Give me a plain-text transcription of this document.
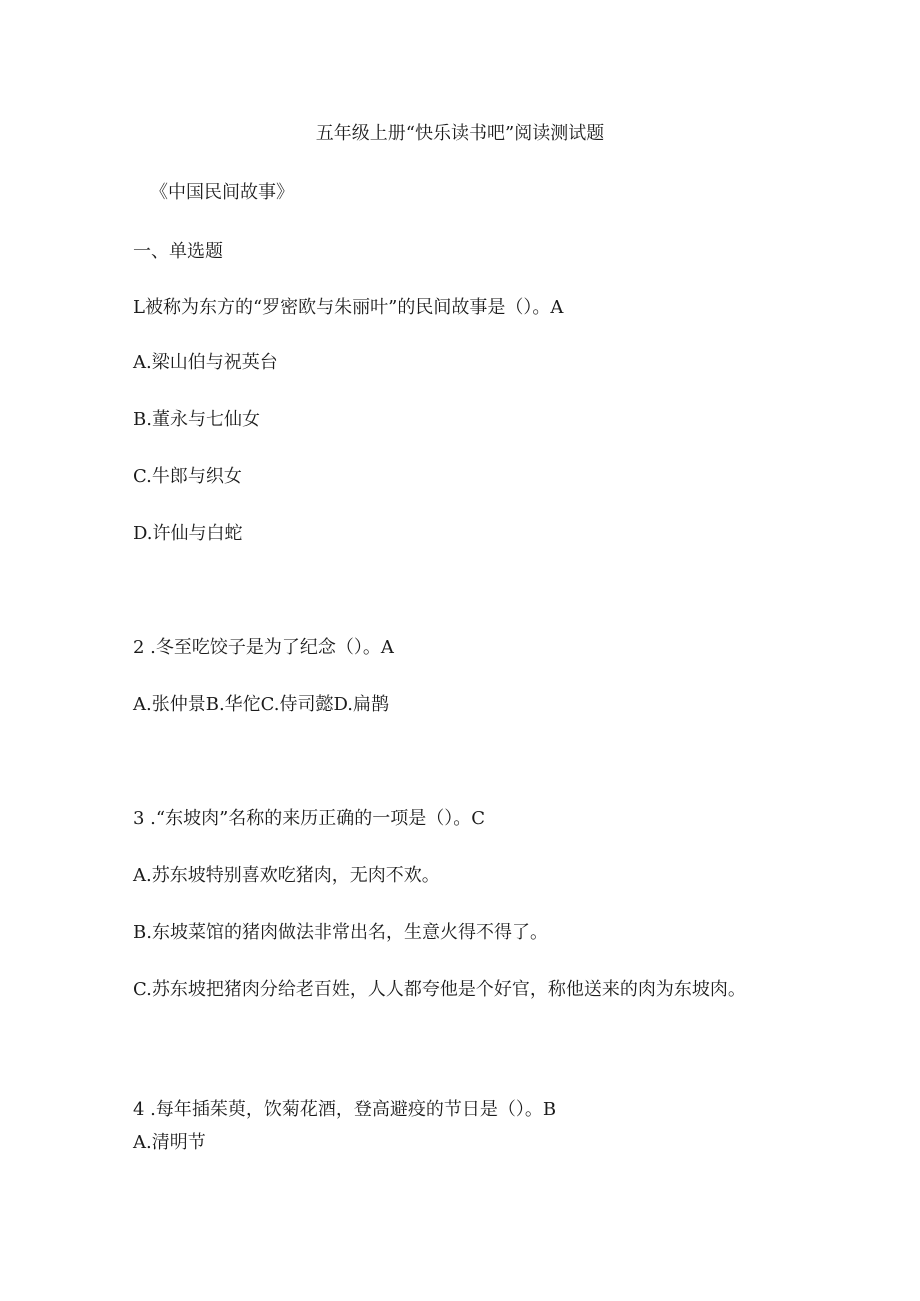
五年级上册“快乐读书吧”阅读测试题
《中国民间故事》
一、单选题
L被称为东方的“罗密欧与朱丽叶”的民间故事是（）。A
A.梁山伯与祝英台
B.董永与七仙女
C.牛郎与织女
D.许仙与白蛇
2 .冬至吃饺子是为了纪念（）。A
A.张仲景B.华佗C.侍司懿D.扁鹊
3 .“东坡肉”名称的来历正确的一项是（）。C
A.苏东坡特别喜欢吃猪肉，无肉不欢。
B.东坡菜馆的猪肉做法非常出名，生意火得不得了。
C.苏东坡把猪肉分给老百姓，人人都夸他是个好官，称他送来的肉为东坡肉。
4 .每年插茱萸，饮菊花酒，登高避疫的节日是（）。B
A.清明节
